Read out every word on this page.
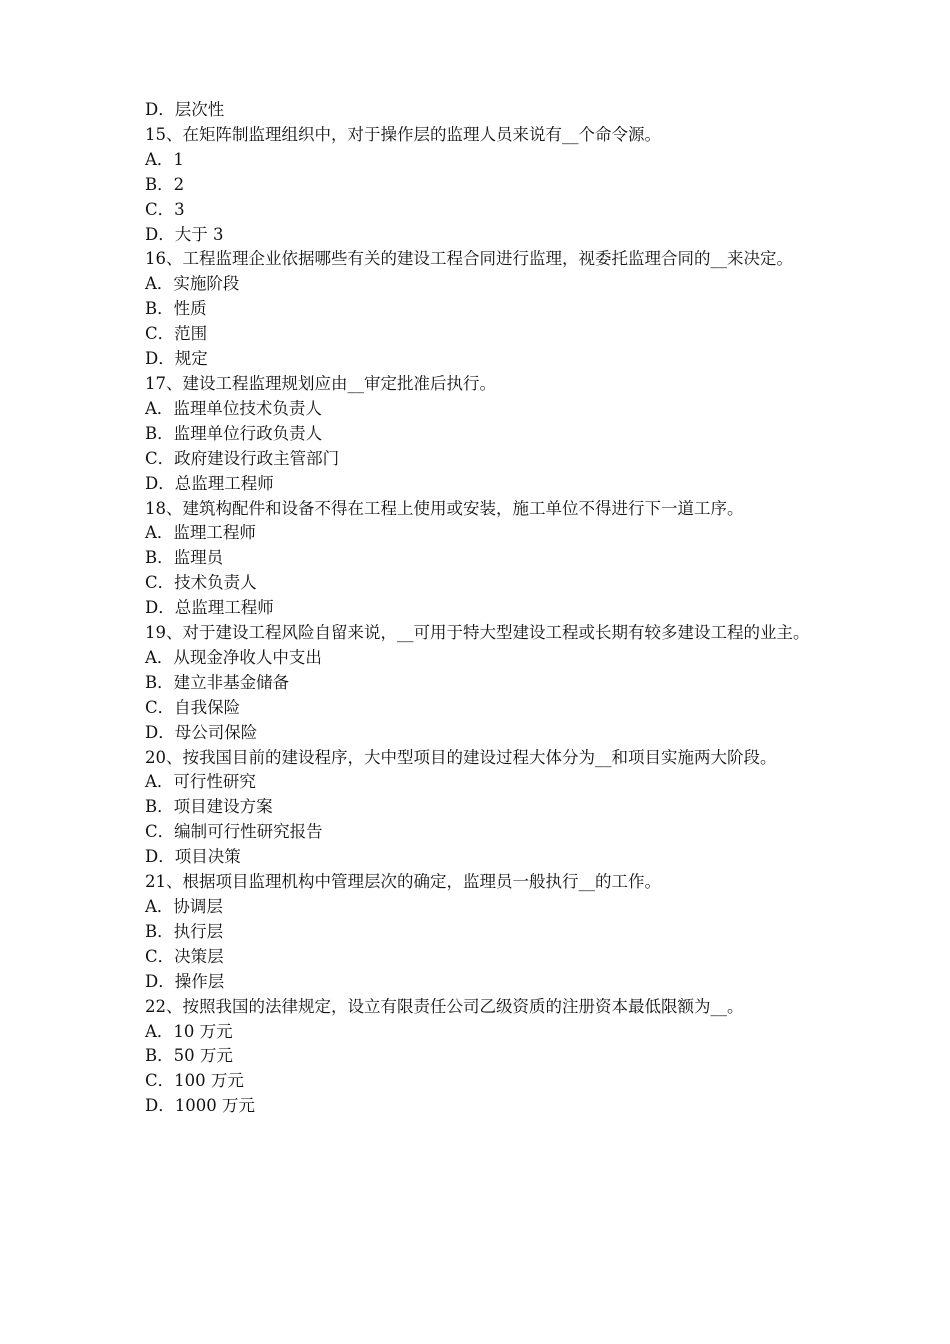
D．层次性
15、在矩阵制监理组织中，对于操作层的监理人员来说有__个命令源。
A．1
B．2
C．3
D．大于 3
16、工程监理企业依据哪些有关的建设工程合同进行监理，视委托监理合同的__来决定。
A．实施阶段
B．性质
C．范围
D．规定
17、建设工程监理规划应由__审定批准后执行。
A．监理单位技术负责人
B．监理单位行政负责人
C．政府建设行政主管部门
D．总监理工程师
18、建筑构配件和设备不得在工程上使用或安装，施工单位不得进行下一道工序。
A．监理工程师
B．监理员
C．技术负责人
D．总监理工程师
19、对于建设工程风险自留来说，__可用于特大型建设工程或长期有较多建设工程的业主。
A．从现金净收人中支出
B．建立非基金储备
C．自我保险
D．母公司保险
20、按我国目前的建设程序，大中型项目的建设过程大体分为__和项目实施两大阶段。
A．可行性研究
B．项目建设方案
C．编制可行性研究报告
D．项目决策
21、根据项目监理机构中管理层次的确定，监理员一般执行__的工作。
A．协调层
B．执行层
C．决策层
D．操作层
22、按照我国的法律规定，设立有限责任公司乙级资质的注册资本最低限额为__。
A．10 万元
B．50 万元
C．100 万元
D．1000 万元
